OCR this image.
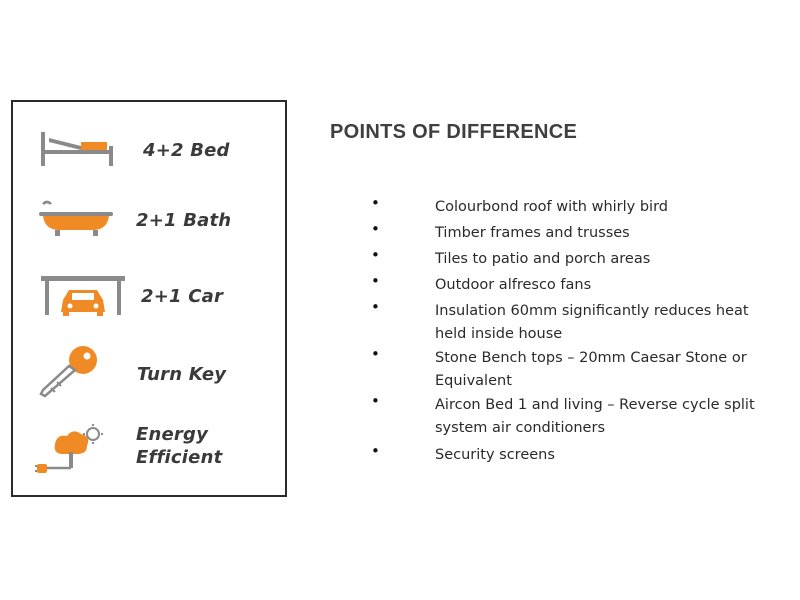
4+2 Bed
2+1 Bath
2+1 Car
Turn Key
Energy
Efficient
POINTS OF DIFFERENCE
•	Colourbond roof with whirly bird
•	Timber frames and trusses
•	Tiles to patio and porch areas
•	Outdoor alfresco fans
•	Insulation 60mm significantly reduces heat
held inside house
•	Stone Bench tops – 20mm Caesar Stone or
Equivalent
•	Aircon Bed 1 and living – Reverse cycle split
system air conditioners
•	Security screens
